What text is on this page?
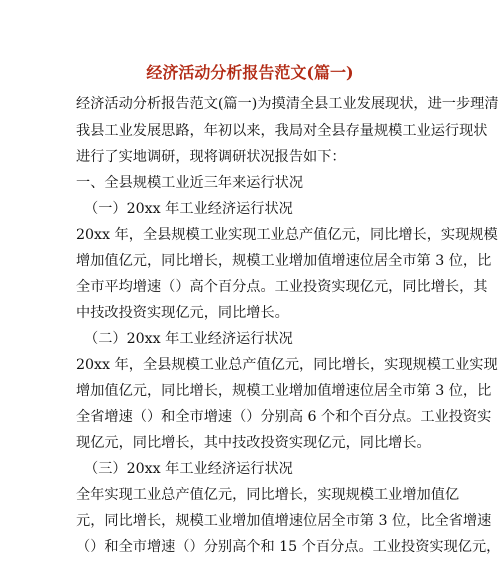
经济活动分析报告范文(篇一)
经济活动分析报告范文(篇一)为摸清全县工业发展现状，进一步理清
我县工业发展思路，年初以来，我局对全县存量规模工业运行现状
进行了实地调研，现将调研状况报告如下：
一、全县规模工业近三年来运行状况
（一）20xx 年工业经济运行状况
20xx 年，全县规模工业实现工业总产值亿元，同比增长，实现规模
增加值亿元，同比增长，规模工业增加值增速位居全市第 3 位，比
全市平均增速（）高个百分点。工业投资实现亿元，同比增长，其
中技改投资实现亿元，同比增长。
（二）20xx 年工业经济运行状况
20xx 年，全县规模工业总产值亿元，同比增长，实现规模工业实现
增加值亿元，同比增长，规模工业增加值增速位居全市第 3 位，比
全省增速（）和全市增速（）分别高 6 个和个百分点。工业投资实
现亿元，同比增长，其中技改投资实现亿元，同比增长。
（三）20xx 年工业经济运行状况
全年实现工业总产值亿元，同比增长，实现规模工业增加值亿
元，同比增长，规模工业增加值增速位居全市第 3 位，比全省增速
（）和全市增速（）分别高个和 15 个百分点。工业投资实现亿元，
